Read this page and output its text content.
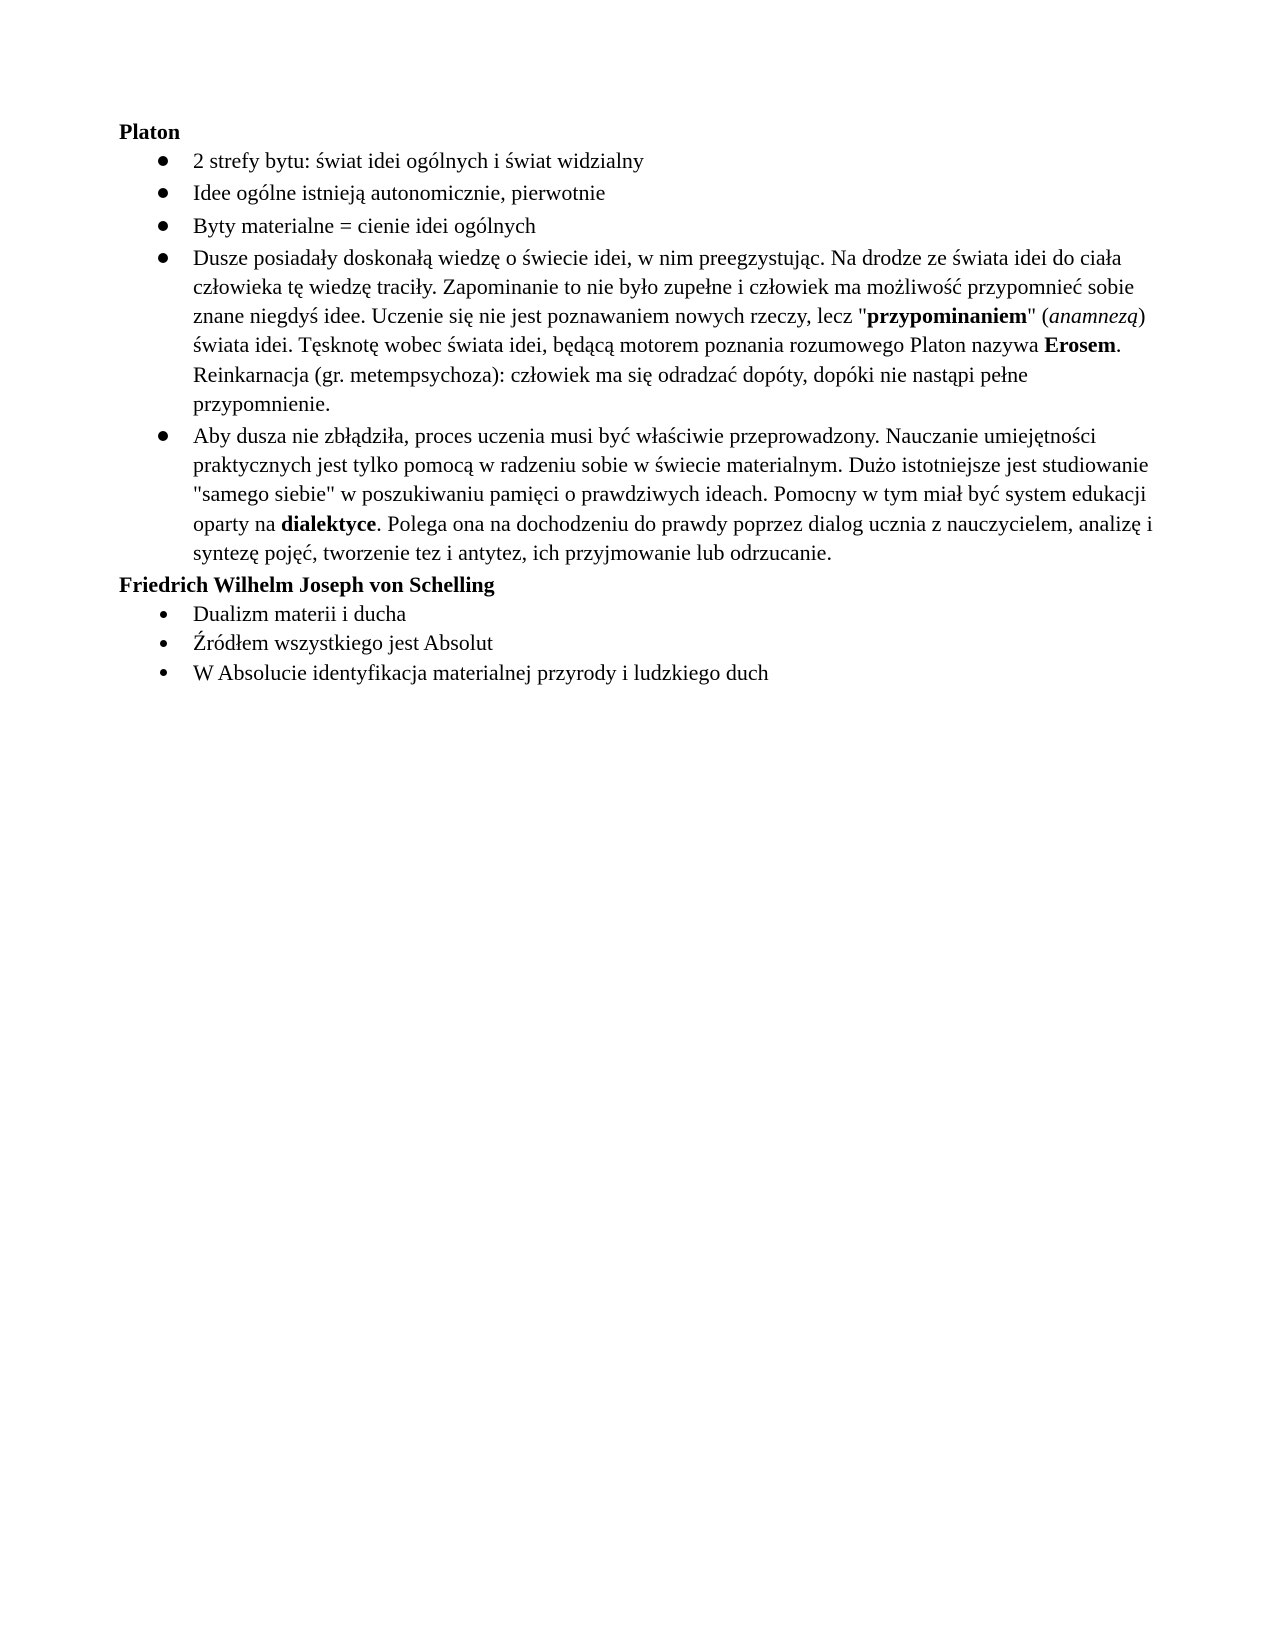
Platon

2 strefy bytu: świat idei ogólnych i świat widzialny
Idee ogólne istnieją autonomicznie, pierwotnie
Byty materialne = cienie idei ogólnych
Dusze posiadały doskonałą wiedzę o świecie idei, w nim preegzystując. Na drodze ze świata idei do ciała człowieka tę wiedzę traciły. Zapominanie to nie było zupełne i człowiek ma możliwość przypomnieć sobie znane niegdyś idee. Uczenie się nie jest poznawaniem nowych rzeczy, lecz "przypominaniem" (anamnezą) świata idei. Tęsknotę wobec świata idei, będącą motorem poznania rozumowego Platon nazywa Erosem. Reinkarnacja (gr. metempsychoza): człowiek ma się odradzać dopóty, dopóki nie nastąpi pełne przypomnienie.
Aby dusza nie zbłądziła, proces uczenia musi być właściwie przeprowadzony. Nauczanie umiejętności praktycznych jest tylko pomocą w radzeniu sobie w świecie materialnym. Dużo istotniejsze jest studiowanie "samego siebie" w poszukiwaniu pamięci o prawdziwych ideach. Pomocny w tym miał być system edukacji oparty na dialektyce. Polega ona na dochodzeniu do prawdy poprzez dialog ucznia z nauczycielem, analizę i syntezę pojęć, tworzenie tez i antytez, ich przyjmowanie lub odrzucanie.

Friedrich Wilhelm Joseph von Schelling

Dualizm materii i ducha
Źródłem wszystkiego jest Absolut
W Absolucie identyfikacja materialnej przyrody i ludzkiego duch
